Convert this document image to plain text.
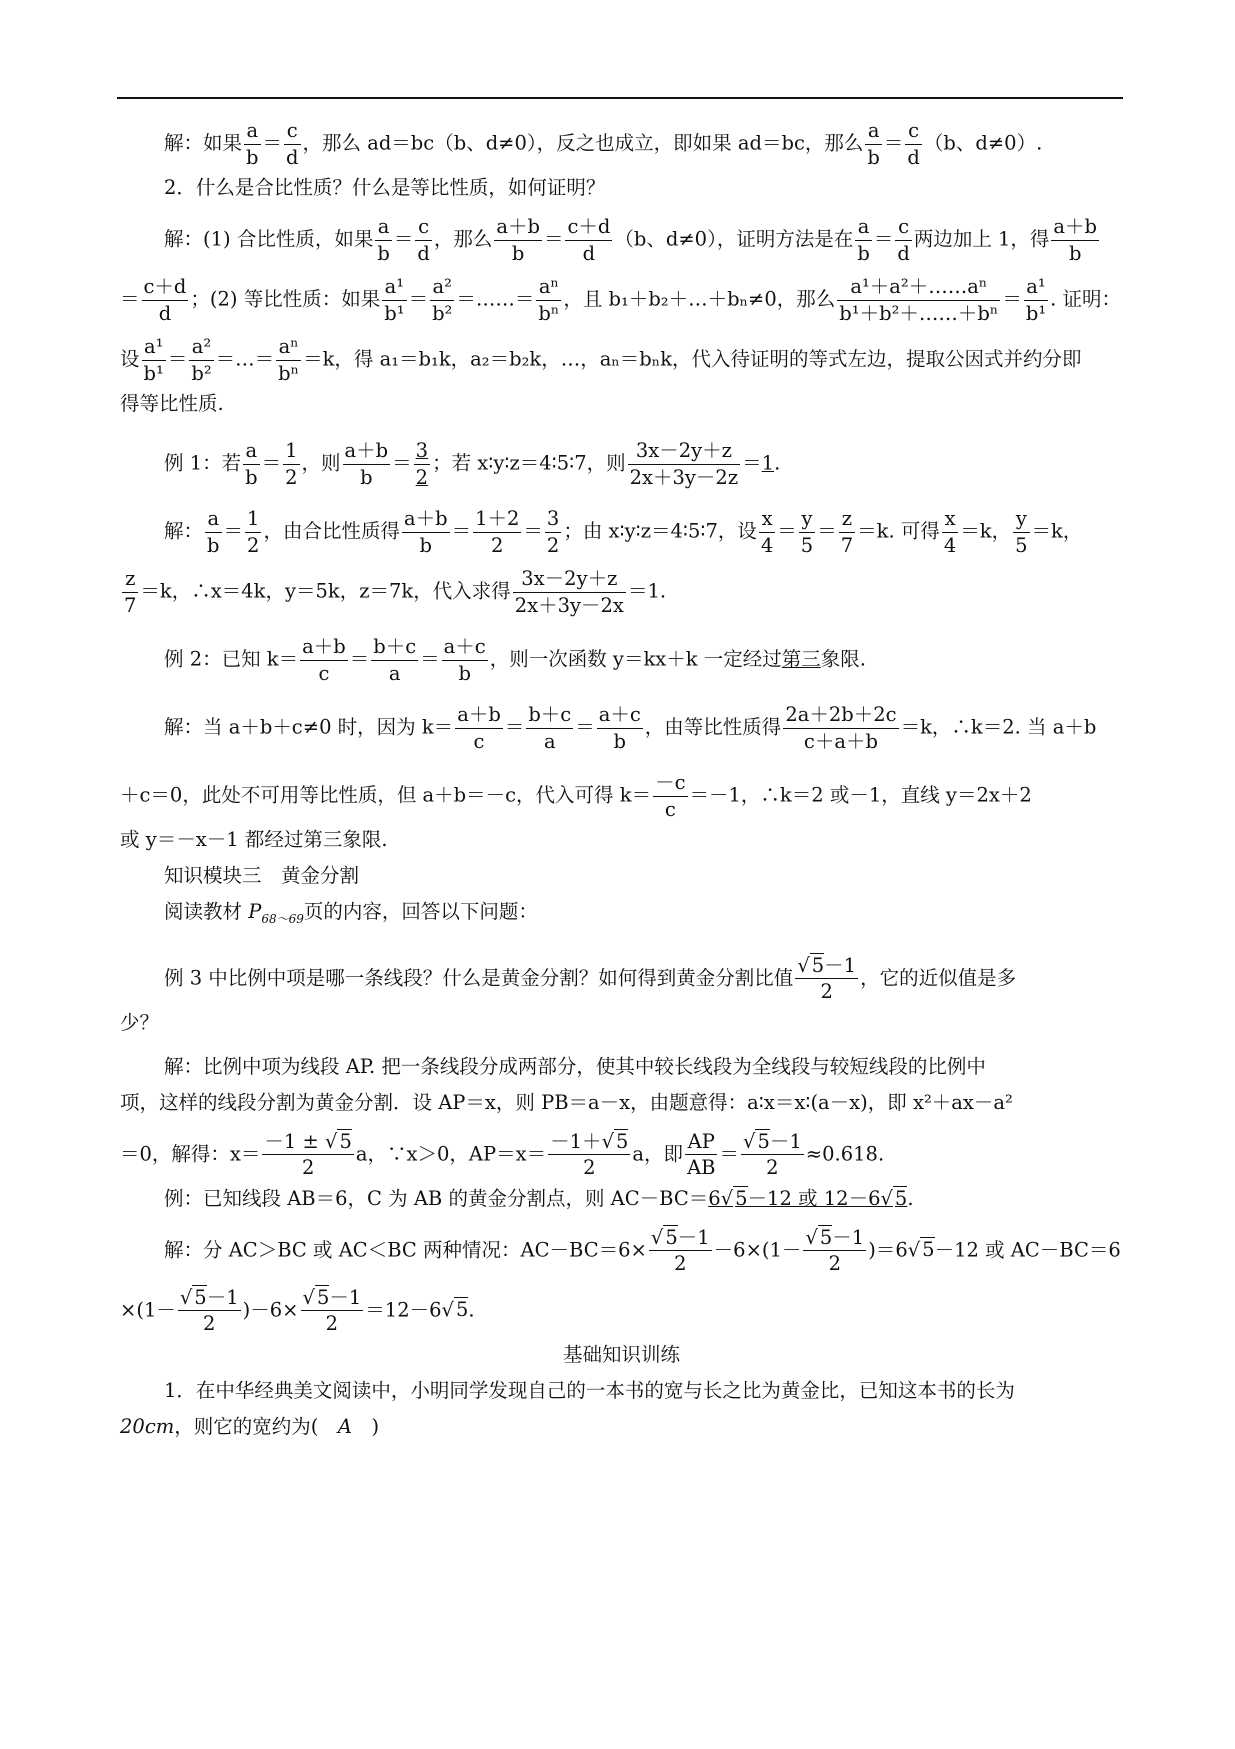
解：如果 $\frac{a}{b} = \frac{c}{d}$ ，那么 ad＝bc（b、d≠0），反之也成立，即如果 ad＝bc，那么 $\frac{a}{b} = \frac{c}{d} (b$、d≠0）.
2．什么是合比性质？什么是等比性质，如何证明？
解：(1) 合比性质，如果 $\frac{a}{b} = \frac{c}{d}$ ，那么 $\frac{a+b}{b} = \frac{c+d}{d} (b$、d≠0），证明方法是在 $\frac{a}{b} = \frac{c}{d}$ 两边加上 1，得 $\frac{a+b}{b}$
＝ $\frac{c+d}{d}$ ；(2) 等比性质：如果 $\frac{\text{a¹}}{\text{b¹}} = \frac{\text{a²}}{\text{b²}}$ ＝……＝ $\frac{\text{aⁿ}}{\text{bⁿ}}$ ，且 b₁＋b₂＋…＋bₙ≠0，那么 $\frac{\text{a¹＋a²＋……aⁿ}}{\text{b¹＋b²＋……＋bⁿ}} = \frac{\text{a¹}}{\text{b¹}}$ . 证明：
设 $\frac{\text{a¹}}{\text{b¹}} = \frac{\text{a²}}{\text{b²}}$ ＝…＝ $\frac{\text{aⁿ}}{\text{bⁿ}} =k$，得 a₁＝b₁k，a₂＝b₂k，…，aₙ＝bₙk，代入待证明的等式左边，提取公因式并约分即
得等比性质.
例 1：若 $\frac{a}{b} = \frac{1}{2}$ ，则 $\frac{a+b}{b} = \frac{3}{2}$ ；若 x∶y∶z＝4∶5∶7，则 $\frac{3x-2y+z}{2x+3y-2z} =1$.
解： $\frac{a}{b} = \frac{1}{2}$ ，由合比性质得 $\frac{a+b}{b} = \frac{1+2}{2} = \frac{3}{2}$ ；由 x∶y∶z＝4∶5∶7，设 $\frac{x}{4} = \frac{y}{5} = \frac{z}{7} =k$. 可得 $\frac{x}{4} =k$， $\frac{y}{5} =k$，
$\frac{z}{7} =k$，∴x＝4k，y＝5k，z＝7k，代入求得 $\frac{3x-2y+z}{2x+3y-2x} =1$.
例 2：已知 $k= \frac{a+b}{c} = \frac{b+c}{a} = \frac{a+c}{b}$ ，则一次函数 y＝kx＋k 一定经过第三象限.
解：当 a＋b＋c≠0 时，因为 $k= \frac{a+b}{c} = \frac{b+c}{a} = \frac{a+c}{b}$ ，由等比性质得 $\frac{2a+2b+2c}{c+a+b} =k$，∴k＝2. 当 a＋b
＋c＝0，此处不可用等比性质，但 a＋b＝－c，代入可得 $k= \frac{-c}{c} =-1$，∴k＝2 或－1，直线 y＝2x＋2
或 y＝－x－1 都经过第三象限.
知识模块三　黄金分割
阅读教材 $P_{68\sim 69}$页的内容，回答以下问题：
例 3 中比例中项是哪一条线段？什么是黄金分割？如何得到黄金分割比值 $\frac{√ 5-1}{2}$ ，它的近似值是多
少？
解：比例中项为线段 AP. 把一条线段分成两部分，使其中较长线段为全线段与较短线段的比例中
项，这样的线段分割为黄金分割．设 AP＝x，则 PB＝a－x，由题意得：a∶x＝x∶(a－x)，即 x²＋ax－a²
＝0，解得：$x= \frac{-1 \pm √ 5}{2}$ a，∵x＞0，$AP=x= \frac{-1+√ 5}{2}$ a，即 $\frac{AP}{AB} = \frac{√ 5-1}{2} \approx 0.618$.
例：已知线段 AB＝6，C 为 AB 的黄金分割点，则 AC－BC＝6√ 5－12 或 12－6√ 5.
解：分 AC＞BC 或 AC＜BC 两种情况：$AC-BC=6\times \frac{√ 5-1}{2} -6\times(1- \frac{√ 5-1}{2} )=6√$ 5－12 或 AC－BC＝6
$\times(1- \frac{√ 5-1}{2} )-6\times \frac{√ 5-1}{2} =12-6√$ 5.
基础知识训练
1．在中华经典美文阅读中，小明同学发现自己的一本书的宽与长之比为黄金比，已知这本书的长为
20cm，则它的宽约为(　A　)
